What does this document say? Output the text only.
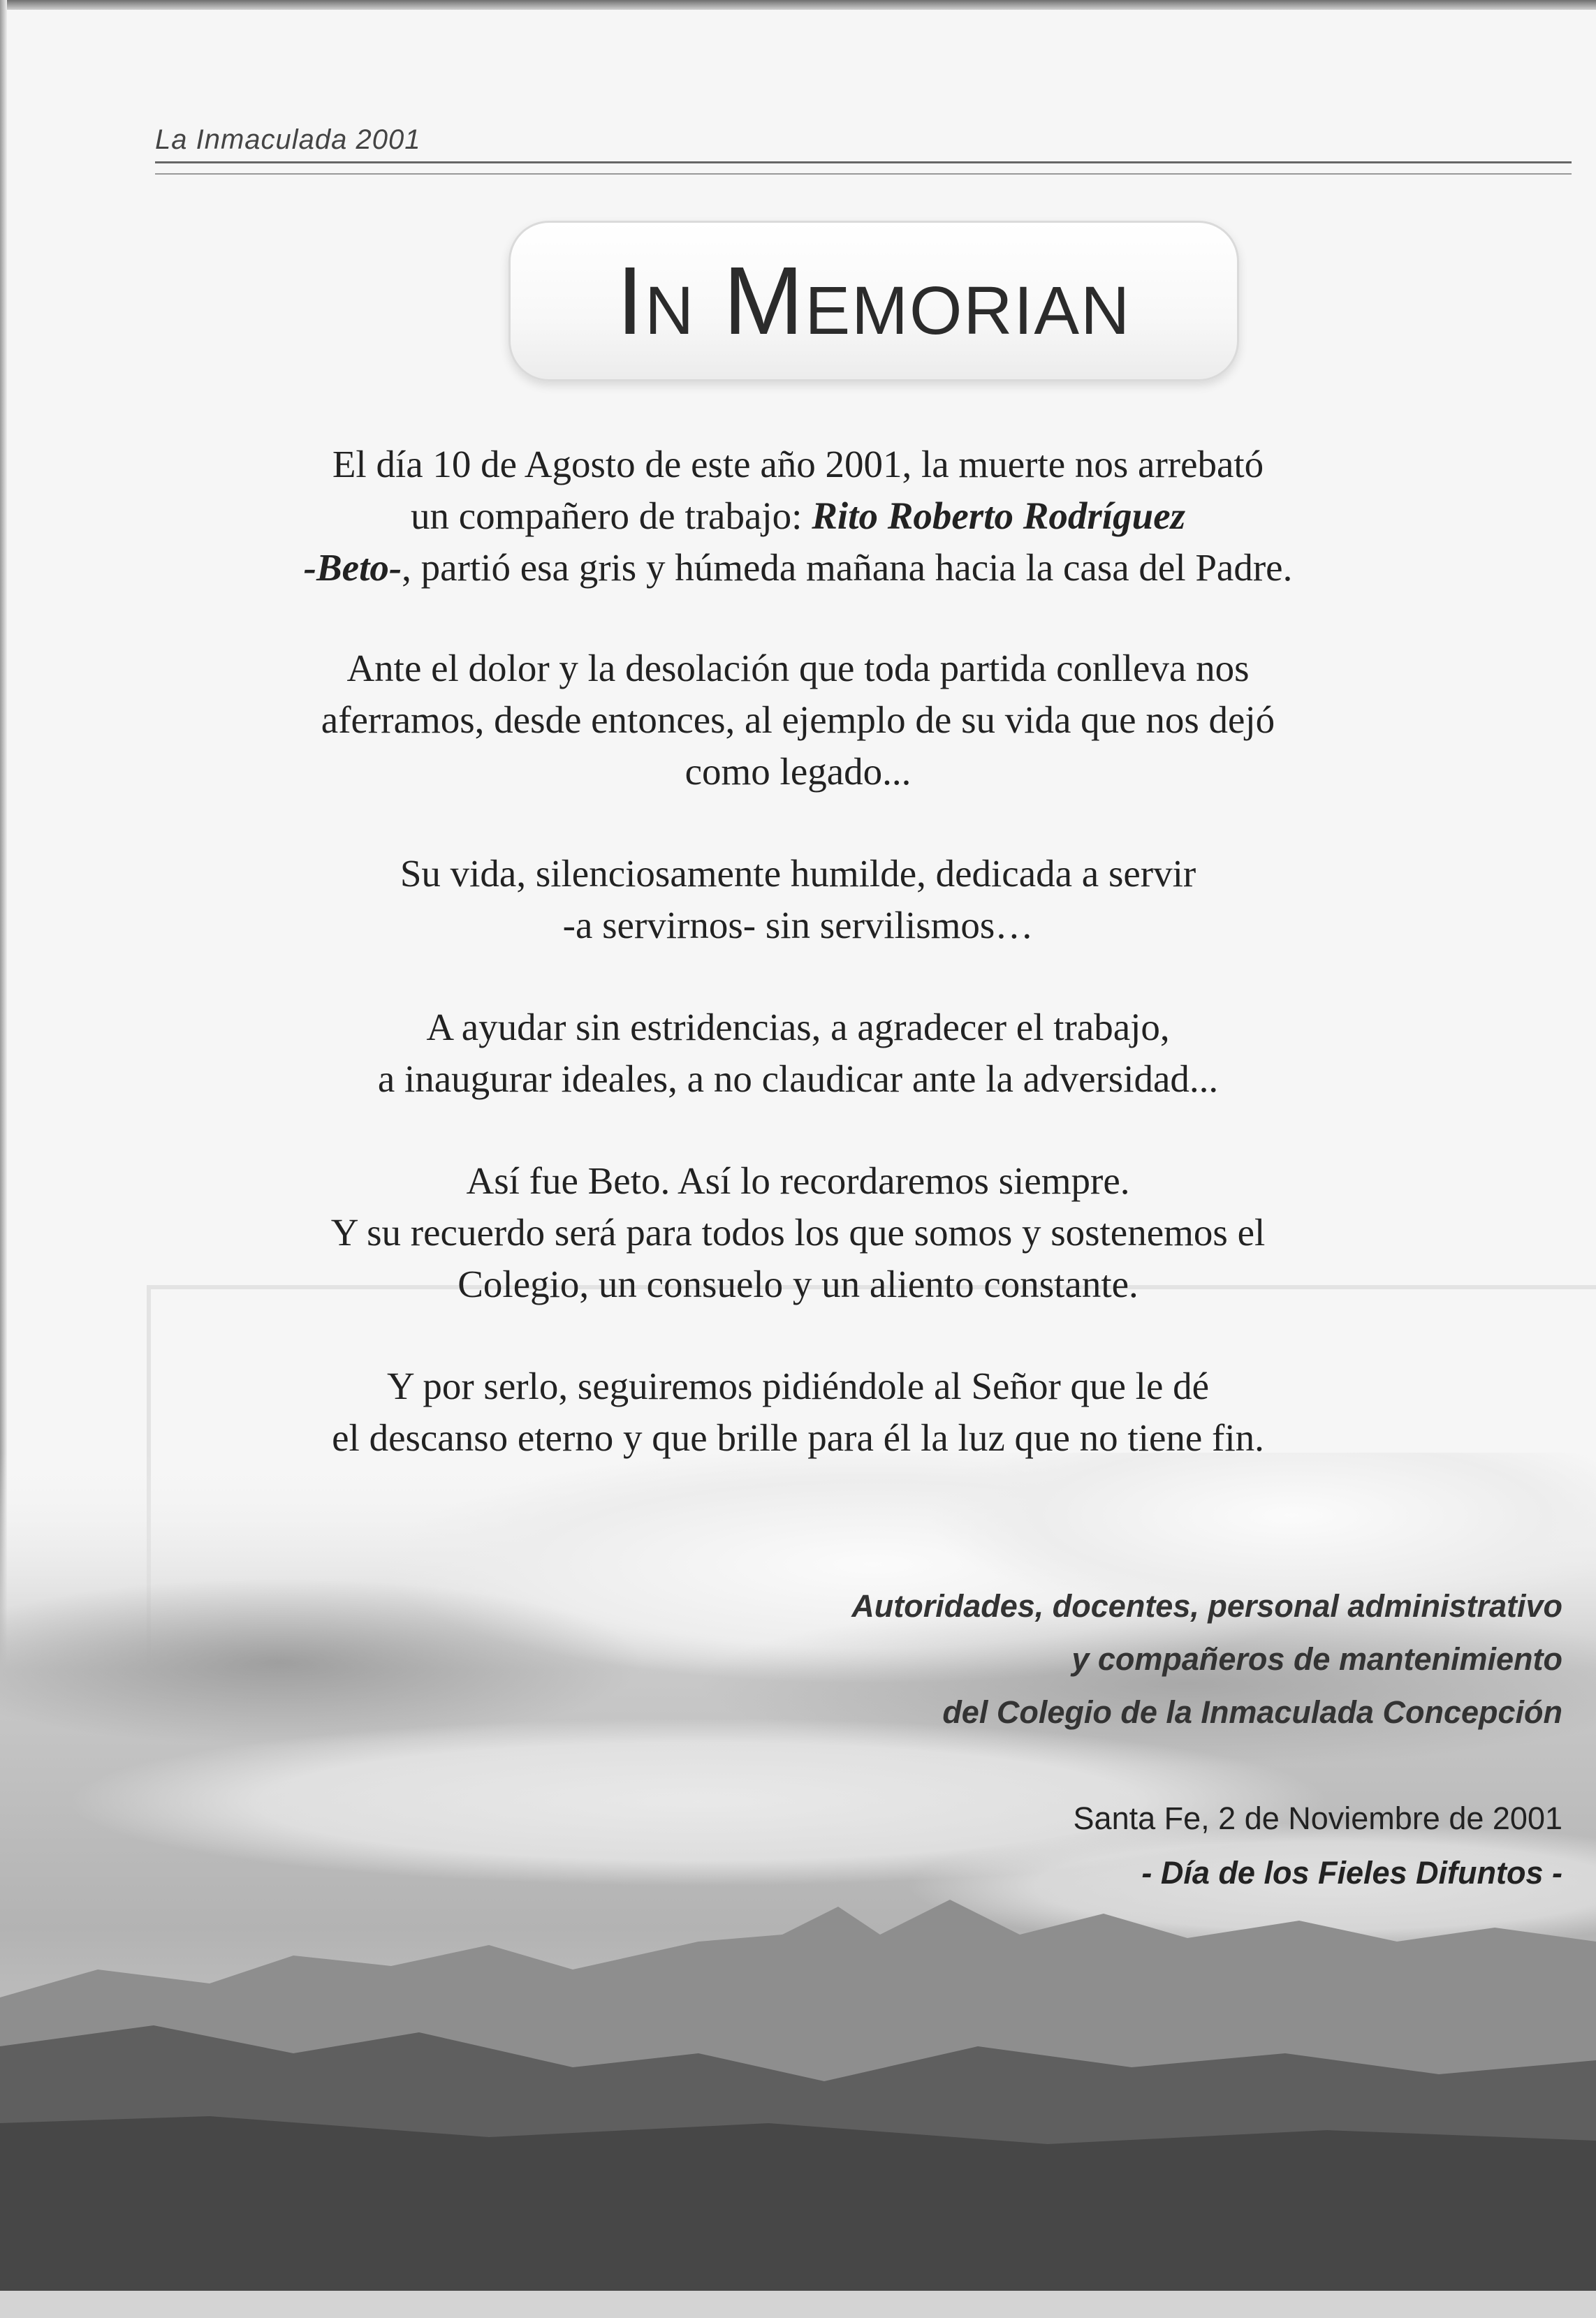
La Inmaculada 2001
In Memorian

El día 10 de Agosto de este año 2001, la muerte nos arrebató
un compañero de trabajo: Rito Roberto Rodríguez
-Beto-, partió esa gris y húmeda mañana hacia la casa del Padre.

Ante el dolor y la desolación que toda partida conlleva nos
aferramos, desde entonces, al ejemplo de su vida que nos dejó
como legado...

Su vida, silenciosamente humilde, dedicada a servir
-a servirnos- sin servilismos…

A ayudar sin estridencias, a agradecer el trabajo,
a inaugurar ideales, a no claudicar ante la adversidad...

Así fue Beto. Así lo recordaremos siempre.
Y su recuerdo será para todos los que somos y sostenemos el
Colegio, un consuelo y un aliento constante.

Y por serlo, seguiremos pidiéndole al Señor que le dé
el descanso eterno y que brille para él la luz que no tiene fin.

Autoridades, docentes, personal administrativo
y compañeros de mantenimiento
del Colegio de la Inmaculada Concepción
Santa Fe, 2 de Noviembre de 2001
- Día de los Fieles Difuntos -
